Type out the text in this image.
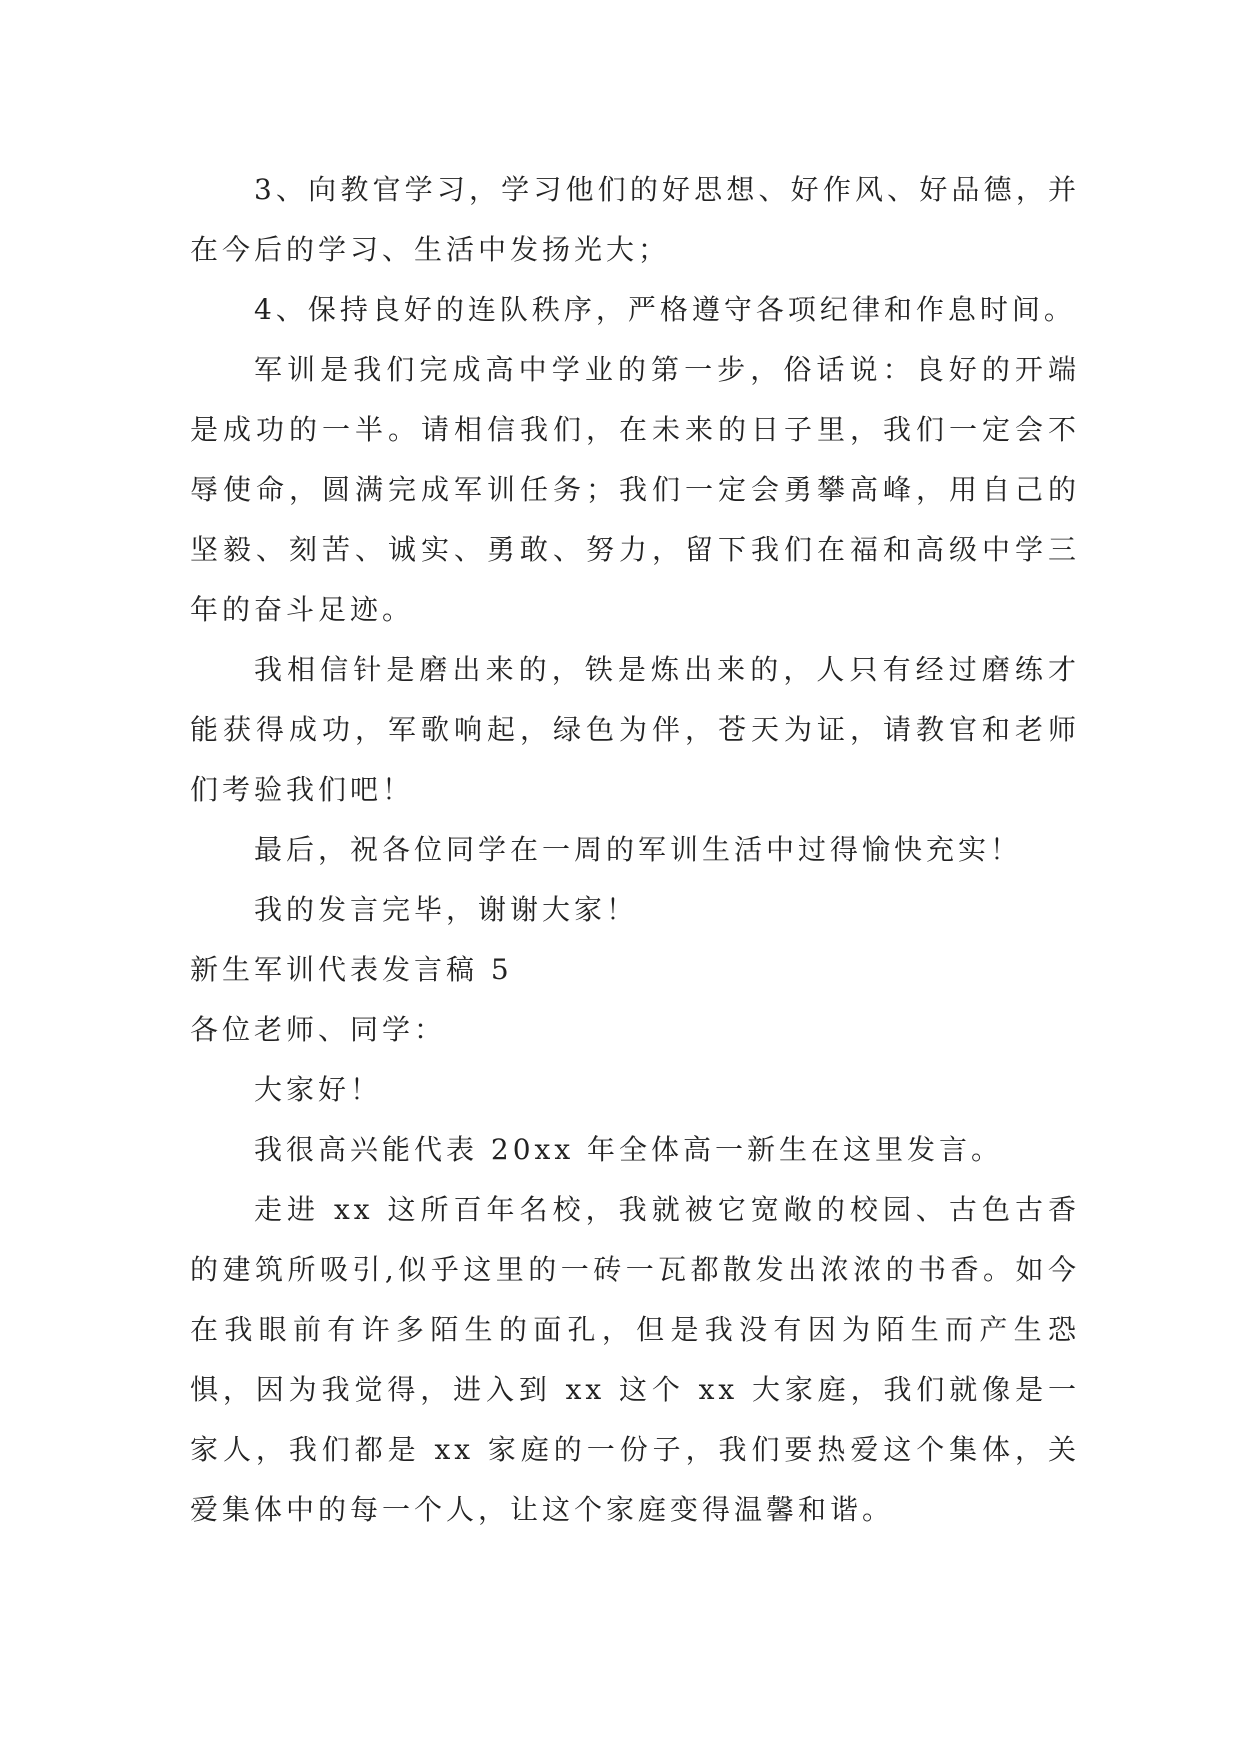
3、向教官学习，学习他们的好思想、好作风、好品德，并在今后的学习、生活中发扬光大；

4、保持良好的连队秩序，严格遵守各项纪律和作息时间。

军训是我们完成高中学业的第一步，俗话说：良好的开端是成功的一半。请相信我们，在未来的日子里，我们一定会不辱使命，圆满完成军训任务；我们一定会勇攀高峰，用自己的坚毅、刻苦、诚实、勇敢、努力，留下我们在福和高级中学三年的奋斗足迹。

我相信针是磨出来的，铁是炼出来的，人只有经过磨练才能获得成功，军歌响起，绿色为伴，苍天为证，请教官和老师们考验我们吧！

最后，祝各位同学在一周的军训生活中过得愉快充实！

我的发言完毕，谢谢大家！

新生军训代表发言稿 5

各位老师、同学：

大家好！

我很高兴能代表 20xx 年全体高一新生在这里发言。

走进 xx 这所百年名校，我就被它宽敞的校园、古色古香的建筑所吸引,似乎这里的一砖一瓦都散发出浓浓的书香。如今在我眼前有许多陌生的面孔，但是我没有因为陌生而产生恐惧，因为我觉得，进入到 xx 这个 xx 大家庭，我们就像是一家人，我们都是 xx 家庭的一份子，我们要热爱这个集体，关爱集体中的每一个人，让这个家庭变得温馨和谐。
